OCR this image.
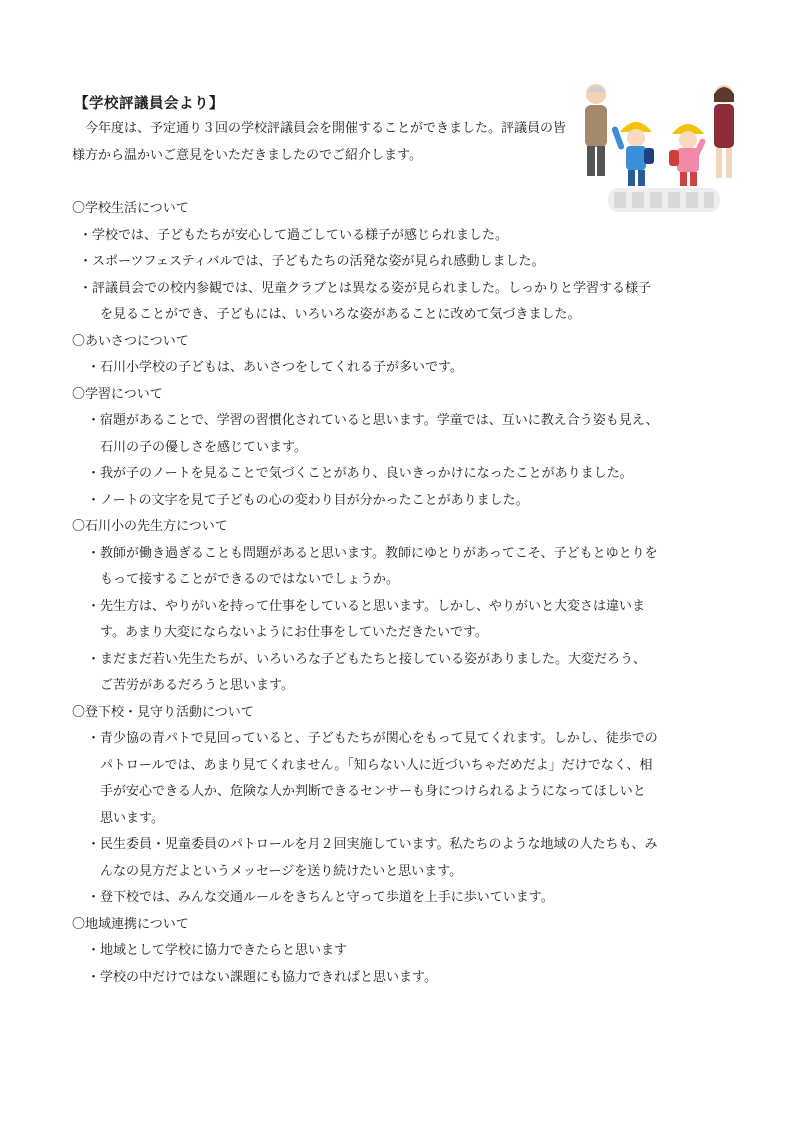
【学校評議員会より】
今年度は、予定通り３回の学校評議員会を開催することができました。評議員の皆様方から温かいご意見をいただきましたのでご紹介します。
〇学校生活について
・学校では、子どもたちが安心して過ごしている様子が感じられました。
・スポーツフェスティバルでは、子どもたちの活発な姿が見られ感動しました。
・評議員会での校内参観では、児童クラブとは異なる姿が見られました。しっかりと学習する様子
を見ることができ、子どもには、いろいろな姿があることに改めて気づきました。
〇あいさつについて
・石川小学校の子どもは、あいさつをしてくれる子が多いです。
〇学習について
・宿題があることで、学習の習慣化されていると思います。学童では、互いに教え合う姿も見え、
石川の子の優しさを感じています。
・我が子のノートを見ることで気づくことがあり、良いきっかけになったことがありました。
・ノートの文字を見て子どもの心の変わり目が分かったことがありました。
〇石川小の先生方について
・教師が働き過ぎることも問題があると思います。教師にゆとりがあってこそ、子どもとゆとりを
もって接することができるのではないでしょうか。
・先生方は、やりがいを持って仕事をしていると思います。しかし、やりがいと大変さは違いま
す。あまり大変にならないようにお仕事をしていただきたいです。
・まだまだ若い先生たちが、いろいろな子どもたちと接している姿がありました。大変だろう、
ご苦労があるだろうと思います。
〇登下校・見守り活動について
・青少協の青パトで見回っていると、子どもたちが関心をもって見てくれます。しかし、徒歩での
パトロールでは、あまり見てくれません。「知らない人に近づいちゃだめだよ」だけでなく、相
手が安心できる人か、危険な人か判断できるセンサーも身につけられるようになってほしいと
思います。
・民生委員・児童委員のパトロールを月２回実施しています。私たちのような地域の人たちも、み
んなの見方だよというメッセージを送り続けたいと思います。
・登下校では、みんな交通ルールをきちんと守って歩道を上手に歩いています。
〇地域連携について
・地域として学校に協力できたらと思います
・学校の中だけではない課題にも協力できればと思います。
